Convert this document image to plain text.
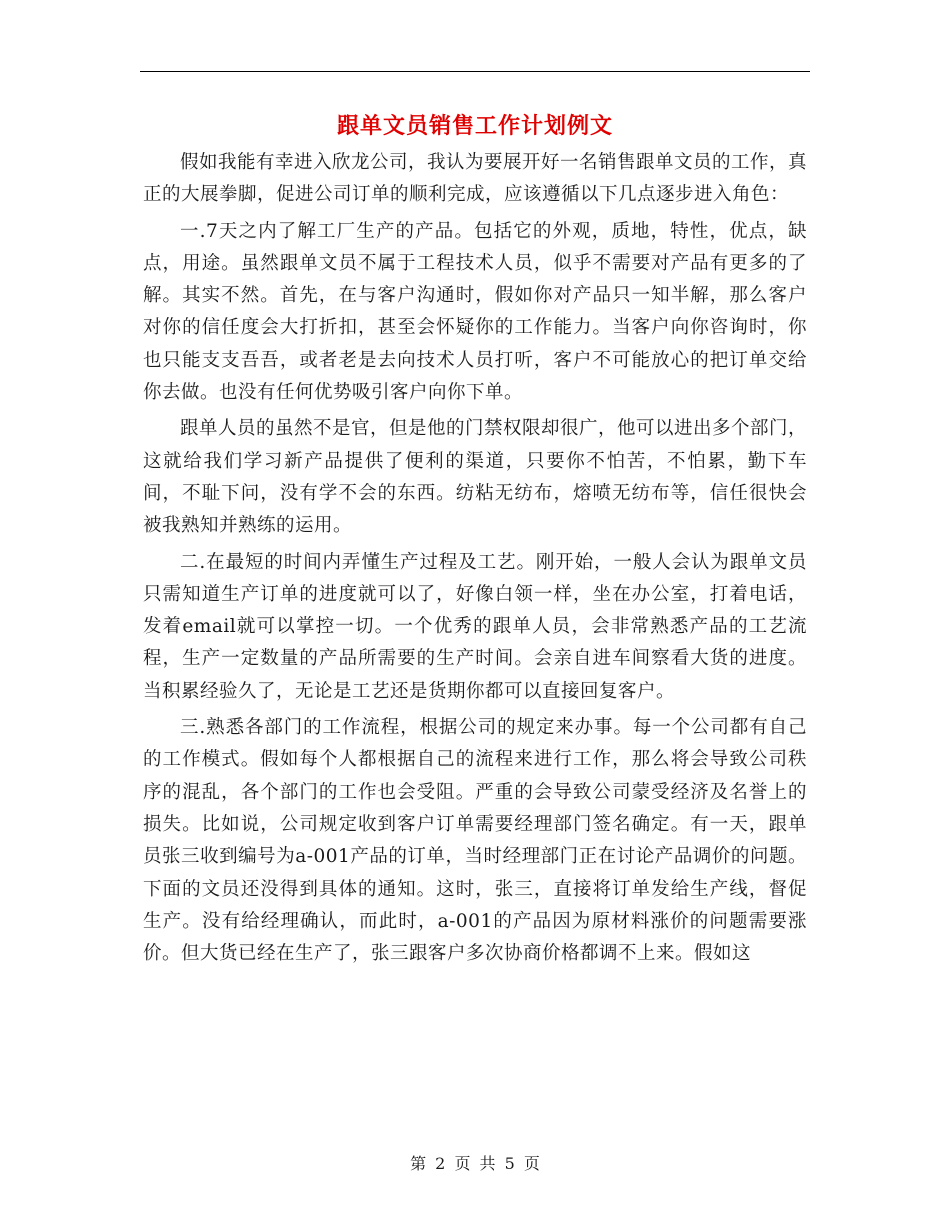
跟单文员销售工作计划例文

假如我能有幸进入欣龙公司，我认为要展开好一名销售跟单文员的工作，真正的大展拳脚，促进公司订单的顺利完成，应该遵循以下几点逐步进入角色：

一.7天之内了解工厂生产的产品。包括它的外观，质地，特性，优点，缺点，用途。虽然跟单文员不属于工程技术人员，似乎不需要对产品有更多的了解。其实不然。首先，在与客户沟通时，假如你对产品只一知半解，那么客户对你的信任度会大打折扣，甚至会怀疑你的工作能力。当客户向你咨询时，你也只能支支吾吾，或者老是去向技术人员打听，客户不可能放心的把订单交给你去做。也没有任何优势吸引客户向你下单。

跟单人员的虽然不是官，但是他的门禁权限却很广，他可以进出多个部门，这就给我们学习新产品提供了便利的渠道，只要你不怕苦，不怕累，勤下车间，不耻下问，没有学不会的东西。纺粘无纺布，熔喷无纺布等，信任很快会被我熟知并熟练的运用。

二.在最短的时间内弄懂生产过程及工艺。刚开始，一般人会认为跟单文员只需知道生产订单的进度就可以了，好像白领一样，坐在办公室，打着电话，发着email就可以掌控一切。一个优秀的跟单人员，会非常熟悉产品的工艺流程，生产一定数量的产品所需要的生产时间。会亲自进车间察看大货的进度。当积累经验久了，无论是工艺还是货期你都可以直接回复客户。

三.熟悉各部门的工作流程，根据公司的规定来办事。每一个公司都有自己的工作模式。假如每个人都根据自己的流程来进行工作，那么将会导致公司秩序的混乱，各个部门的工作也会受阻。严重的会导致公司蒙受经济及名誉上的损失。比如说，公司规定收到客户订单需要经理部门签名确定。有一天，跟单员张三收到编号为a-001产品的订单，当时经理部门正在讨论产品调价的问题。下面的文员还没得到具体的通知。这时，张三，直接将订单发给生产线，督促生产。没有给经理确认，而此时，a-001的产品因为原材料涨价的问题需要涨价。但大货已经在生产了，张三跟客户多次协商价格都调不上来。假如这

第 2 页 共 5 页
